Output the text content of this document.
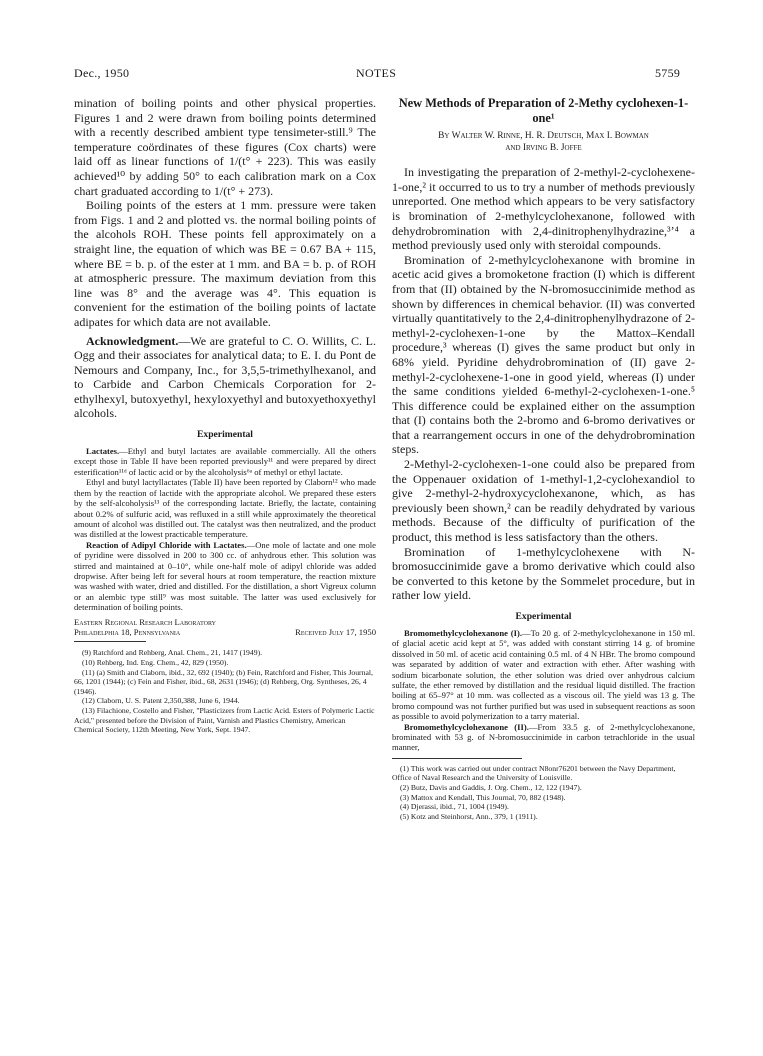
Dec., 1950	NOTES	5759

mination of boiling points and other physical properties. Figures 1 and 2 were drawn from boiling points determined with a recently described ambient type tensimeter-still.⁹ The temperature coördinates of these figures (Cox charts) were laid off as linear functions of 1/(t° + 223). This was easily achieved¹⁰ by adding 50° to each calibration mark on a Cox chart graduated according to 1/(t° + 273).

Boiling points of the esters at 1 mm. pressure were taken from Figs. 1 and 2 and plotted vs. the normal boiling points of the alcohols ROH. These points fell approximately on a straight line, the equation of which was BE = 0.67 BA + 115, where BE = b. p. of the ester at 1 mm. and BA = b. p. of ROH at atmospheric pressure. The maximum deviation from this line was 8° and the average was 4°. This equation is convenient for the estimation of the boiling points of lactate adipates for which data are not available.

Acknowledgment.—We are grateful to C. O. Willits, C. L. Ogg and their associates for analytical data; to E. I. du Pont de Nemours and Company, Inc., for 3,5,5-trimethylhexanol, and to Carbide and Carbon Chemicals Corporation for 2-ethylhexyl, butoxyethyl, hexyloxyethyl and butoxyethoxyethyl alcohols.

Experimental

Lactates.—Ethyl and butyl lactates are available commercially. All the others except those in Table II have been reported previously¹¹ and were prepared by direct esterification¹¹ᵈ of lactic acid or by the alcoholysis⁶ᵃ of methyl or ethyl lactate.

Ethyl and butyl lactyllactates (Table II) have been reported by Claborn¹² who made them by the reaction of lactide with the appropriate alcohol. We prepared these esters by the self-alcoholysis¹³ of the corresponding lactate. Briefly, the lactate, containing about 0.2% of sulfuric acid, was refluxed in a still while approximately the theoretical amount of alcohol was distilled out. The catalyst was then neutralized, and the product was distilled at the lowest practicable temperature.

Reaction of Adipyl Chloride with Lactates.—One mole of lactate and one mole of pyridine were dissolved in 200 to 300 cc. of anhydrous ether. This solution was stirred and maintained at 0–10°, while one-half mole of adipyl chloride was added dropwise. After being left for several hours at room temperature, the reaction mixture was washed with water, dried and distilled. For the distillation, a short Vigreux column or an alembic type still⁹ was most suitable. The latter was used exclusively for determination of boiling points.

Eastern Regional Research Laboratory
Philadelphia 18, Pennsylvania	Received July 17, 1950

(9) Ratchford and Rehberg, Anal. Chem., 21, 1417 (1949).

(10) Rehberg, Ind. Eng. Chem., 42, 829 (1950).

(11) (a) Smith and Claborn, ibid., 32, 692 (1940); (b) Fein, Ratchford and Fisher, This Journal, 66, 1201 (1944); (c) Fein and Fisher, ibid., 68, 2631 (1946); (d) Rehberg, Org. Syntheses, 26, 4 (1946).

(12) Claborn, U. S. Patent 2,350,388, June 6, 1944.

(13) Filachione, Costello and Fisher, "Plasticizers from Lactic Acid. Esters of Polymeric Lactic Acid," presented before the Division of Paint, Varnish and Plastics Chemistry, American Chemical Society, 112th Meeting, New York, Sept. 1947.

New Methods of Preparation of 2-Methy cyclohexen-1-one¹
By Walter W. Rinne, H. R. Deutsch, Max I. Bowman
and Irving B. Joffe

In investigating the preparation of 2-methyl-2-cyclohexene-1-one,² it occurred to us to try a number of methods previously unreported. One method which appears to be very satisfactory is bromination of 2-methylcyclohexanone, followed with dehydrobromination with 2,4-dinitrophenylhydrazine,³ʼ⁴ a method previously used only with steroidal compounds.

Bromination of 2-methylcyclohexanone with bromine in acetic acid gives a bromoketone fraction (I) which is different from that (II) obtained by the N-bromosuccinimide method as shown by differences in chemical behavior. (II) was converted virtually quantitatively to the 2,4-dinitrophenylhydrazone of 2-methyl-2-cyclohexen-1-one by the Mattox–Kendall procedure,³ whereas (I) gives the same product but only in 68% yield. Pyridine dehydrobromination of (II) gave 2-methyl-2-cyclohexene-1-one in good yield, whereas (I) under the same conditions yielded 6-methyl-2-cyclohexen-1-one.⁵ This difference could be explained either on the assumption that (I) contains both the 2-bromo and 6-bromo derivatives or that a rearrangement occurs in one of the dehydrobromination steps.

2-Methyl-2-cyclohexen-1-one could also be prepared from the Oppenauer oxidation of 1-methyl-1,2-cyclohexandiol to give 2-methyl-2-hydroxycyclohexanone, which, as has previously been shown,² can be readily dehydrated by various methods. Because of the difficulty of purification of the product, this method is less satisfactory than the others.

Bromination of 1-methylcyclohexene with N-bromosuccinimide gave a bromo derivative which could also be converted to this ketone by the Sommelet procedure, but in rather low yield.

Experimental

Bromomethylcyclohexanone (I).—To 20 g. of 2-methylcyclohexanone in 150 ml. of glacial acetic acid kept at 5°, was added with constant stirring 14 g. of bromine dissolved in 50 ml. of acetic acid containing 0.5 ml. of 4 N HBr. The bromo compound was separated by addition of water and extraction with ether. After washing with sodium bicarbonate solution, the ether solution was dried over anhydrous calcium sulfate, the ether removed by distillation and the residual liquid distilled. The fraction boiling at 65–97° at 10 mm. was collected as a viscous oil. The yield was 13 g. The bromo compound was not further purified but was used in subsequent reactions as soon as possible to avoid polymerization to a tarry material.

Bromomethylcyclohexanone (II).—From 33.5 g. of 2-methylcyclohexanone, brominated with 53 g. of N-bromosuccinimide in carbon tetrachloride in the usual manner,

(1) This work was carried out under contract N8onr76201 between the Navy Department, Office of Naval Research and the University of Louisville.

(2) Butz, Davis and Gaddis, J. Org. Chem., 12, 122 (1947).

(3) Mattox and Kendall, This Journal, 70, 882 (1948).

(4) Djerassi, ibid., 71, 1004 (1949).

(5) Kotz and Steinhorst, Ann., 379, 1 (1911).
